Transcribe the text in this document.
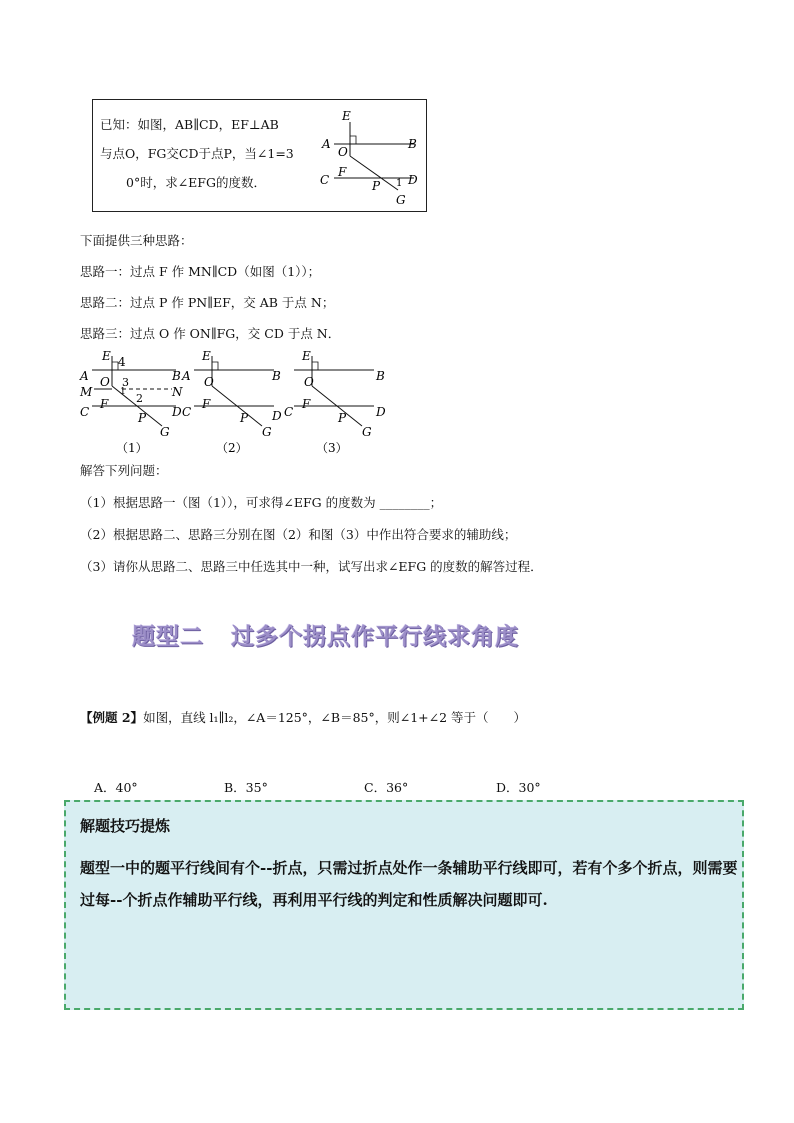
已知：如图，AB∥CD，EF⊥AB
与点O，FG交CD于点P，当∠1=3
0°时，求∠EFG的度数．
E
A
O
B
C
F
P 1 D
G
下面提供三种思路：
思路一：过点 F 作 MN∥CD（如图（1））；
思路二：过点 P 作 PN∥EF，交 AB 于点 N；
思路三：过点 O 作 ON∥FG，交 CD 于点 N．
E 4
A O 3
M	2 N
1
C
F
P
G
B
D
E
A O	B
C
F
P D
G
E
O	B
C
F
P D
G
（1）	（2）	（3）
解答下列问题：
（1）根据思路一（图（1）），可求得∠EFG 的度数为 ________；
（2）根据思路二、思路三分别在图（2）和图（3）中作出符合要求的辅助线；
（3）请你从思路二、思路三中任选其中一种，试写出求∠EFG 的度数的解答过程．
题型二   过多个拐点作平行线求角度
【例题 2】如图，直线 l₁∥l₂，∠A＝125°，∠B＝85°，则∠1+∠2 等于（　　）
A．40°	B．35°	C．36°	D．30°
解题技巧提炼
题型一中的题平行线间有个--折点，只需过折点处作一条辅助平行线即可，若有个多个折点，则需要过每--个折点作辅助平行线，再利用平行线的判定和性质解决问题即可.
